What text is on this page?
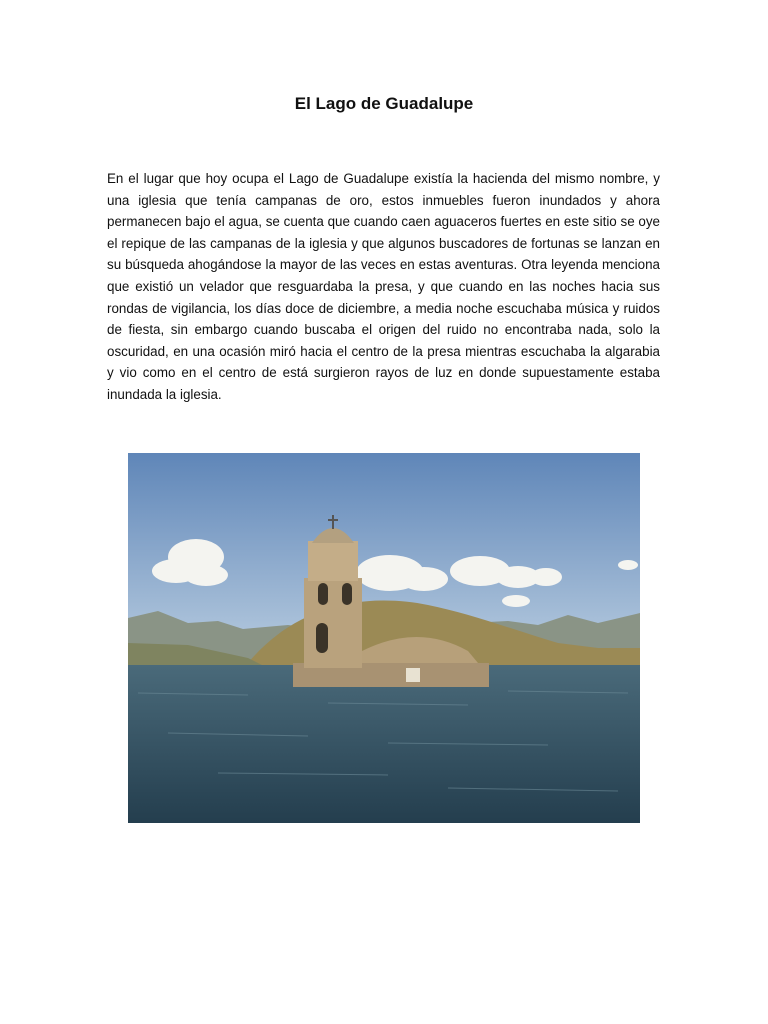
El Lago de Guadalupe

En el lugar que hoy ocupa el Lago de Guadalupe existía la hacienda del mismo nombre, y una iglesia que tenía campanas de oro, estos inmuebles fueron inundados y ahora permanecen bajo el agua, se cuenta que cuando caen aguaceros fuertes en este sitio se oye el repique de las campanas de la iglesia y que algunos buscadores de fortunas se lanzan en su búsqueda ahogándose la mayor de las veces en estas aventuras. Otra leyenda menciona que existió un velador que resguardaba la presa, y que cuando en las noches hacia sus rondas de vigilancia, los días doce de diciembre, a media noche escuchaba música y ruidos de fiesta, sin embargo cuando buscaba el origen del ruido no encontraba nada, solo la oscuridad, en una ocasión miró hacia el centro de la presa mientras escuchaba la algarabia y vio como en el centro de está surgieron rayos de luz en donde supuestamente estaba inundada la iglesia.
